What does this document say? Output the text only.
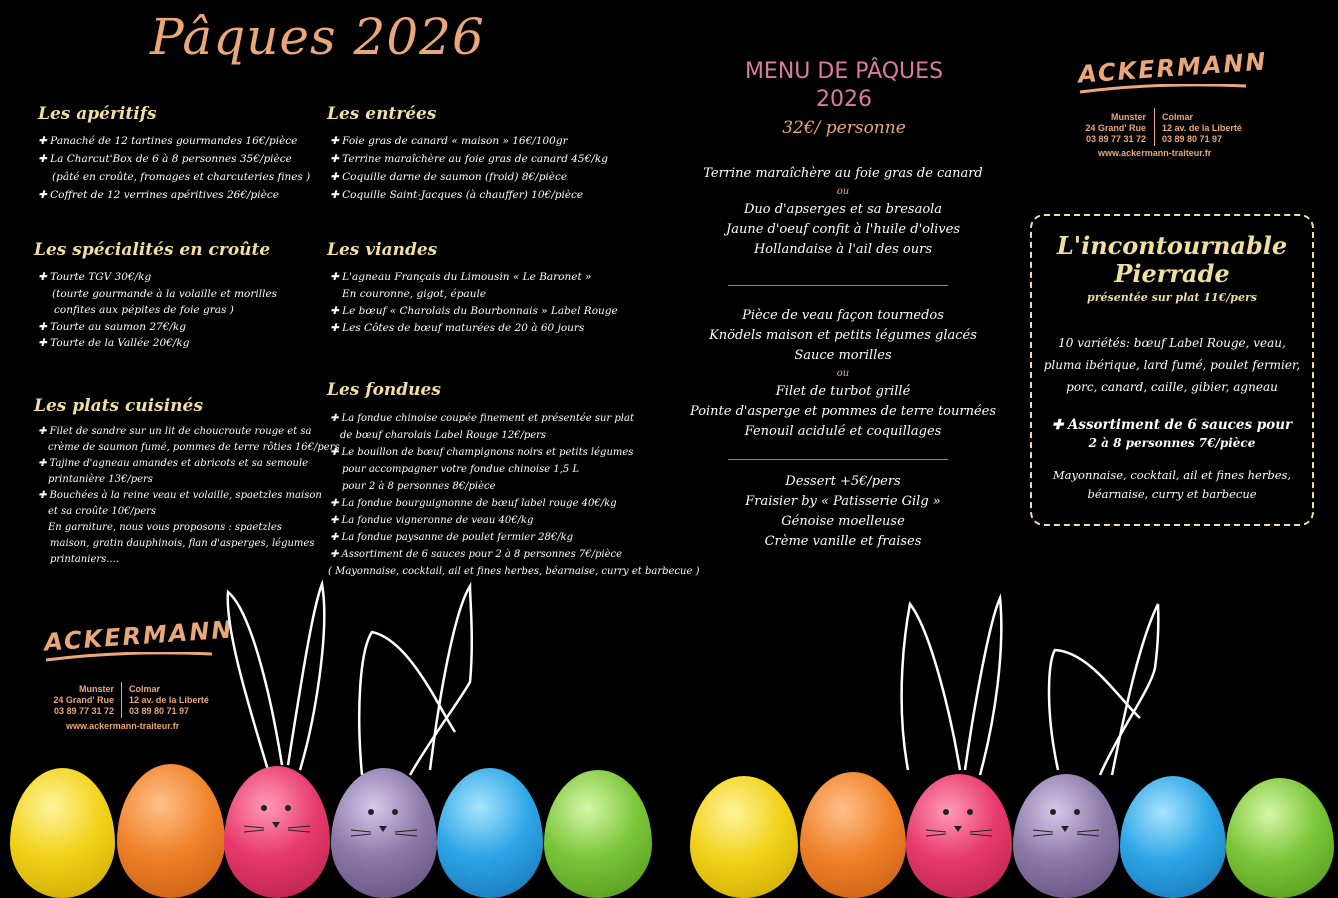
Pâques 2026
Les apéritifs
✚ Panaché de 12 tartines gourmandes 16€/pièce
✚ La Charcut'Box de 6 à 8 personnes 35€/pièce
(pâté en croûte, fromages et charcuteries fines )
✚ Coffret de 12 verrines apéritives 26€/pièce
Les spécialités en croûte
✚ Tourte TGV 30€/kg
(tourte gourmande à la volaille et morilles
confites aux pépites de foie gras )
✚ Tourte au saumon 27€/kg
✚ Tourte de la Vallée 20€/kg
Les plats cuisinés
✚ Filet de sandre sur un lit de choucroute rouge et sa
crème de saumon fumé, pommes de terre rôties 16€/pers
✚ Tajine d'agneau amandes et abricots et sa semoule
printanière 13€/pers
✚ Bouchées à la reine veau et volaille, spaetzles maison
et sa croûte 10€/pers
En garniture, nous vous proposons : spaetzles
maison, gratin dauphinois, flan d'asperges, légumes
printaniers....
Les entrées
✚ Foie gras de canard « maison » 16€/100gr
✚ Terrine maraîchère au foie gras de canard 45€/kg
✚ Coquille darne de saumon (froid) 8€/pièce
✚ Coquille Saint-Jacques (à chauffer) 10€/pièce
Les viandes
✚ L'agneau Français du Limousin « Le Baronet »
En couronne, gigot, épaule
✚ Le bœuf « Charolais du Bourbonnais » Label Rouge
✚ Les Côtes de bœuf maturées de 20 à 60 jours
Les fondues
✚ La fondue chinoise coupée finement et présentée sur plat
de bœuf charolais Label Rouge 12€/pers
✚ Le bouillon de bœuf champignons noirs et petits légumes
pour accompagner votre fondue chinoise 1,5 L
pour 2 à 8 personnes 8€/pièce
✚ La fondue bourguignonne de bœuf label rouge 40€/kg
✚ La fondue vigneronne de veau 40€/kg
✚ La fondue paysanne de poulet fermier 28€/kg
✚ Assortiment de 6 sauces pour 2 à 8 personnes 7€/pièce
( Mayonnaise, cocktail, ail et fines herbes, béarnaise, curry et barbecue )
ACKERMANN
Munster
24 Grand' Rue
03 89 77 31 72
Colmar
12 av. de la Liberté
03 89 80 71 97
www.ackermann-traiteur.fr
MENU DE PÂQUES
2026
32€/ personne
Terrine maraîchère au foie gras de canard
ou
Duo d'apserges et sa bresaola
Jaune d'oeuf confit à l'huile d'olives
Hollandaise à l'ail des ours
Pièce de veau façon tournedos
Knödels maison et petits légumes glacés
Sauce morilles
ou
Filet de turbot grillé
Pointe d'asperge et pommes de terre tournées
Fenouil acidulé et coquillages
Dessert +5€/pers
Fraisier by « Patisserie Gilg »
Génoise moelleuse
Crème vanille et fraises
ACKERMANN
Munster
24 Grand' Rue
03 89 77 31 72
Colmar
12 av. de la Liberté
03 89 80 71 97
www.ackermann-traiteur.fr
L'incontournable
Pierrade
présentée sur plat 11€/pers
10 variétés: bœuf Label Rouge, veau,
pluma ibérique, lard fumé, poulet fermier,
porc, canard, caille, gibier, agneau
✚ Assortiment de 6 sauces pour
2 à 8 personnes 7€/pièce
Mayonnaise, cocktail, ail et fines herbes,
béarnaise, curry et barbecue
